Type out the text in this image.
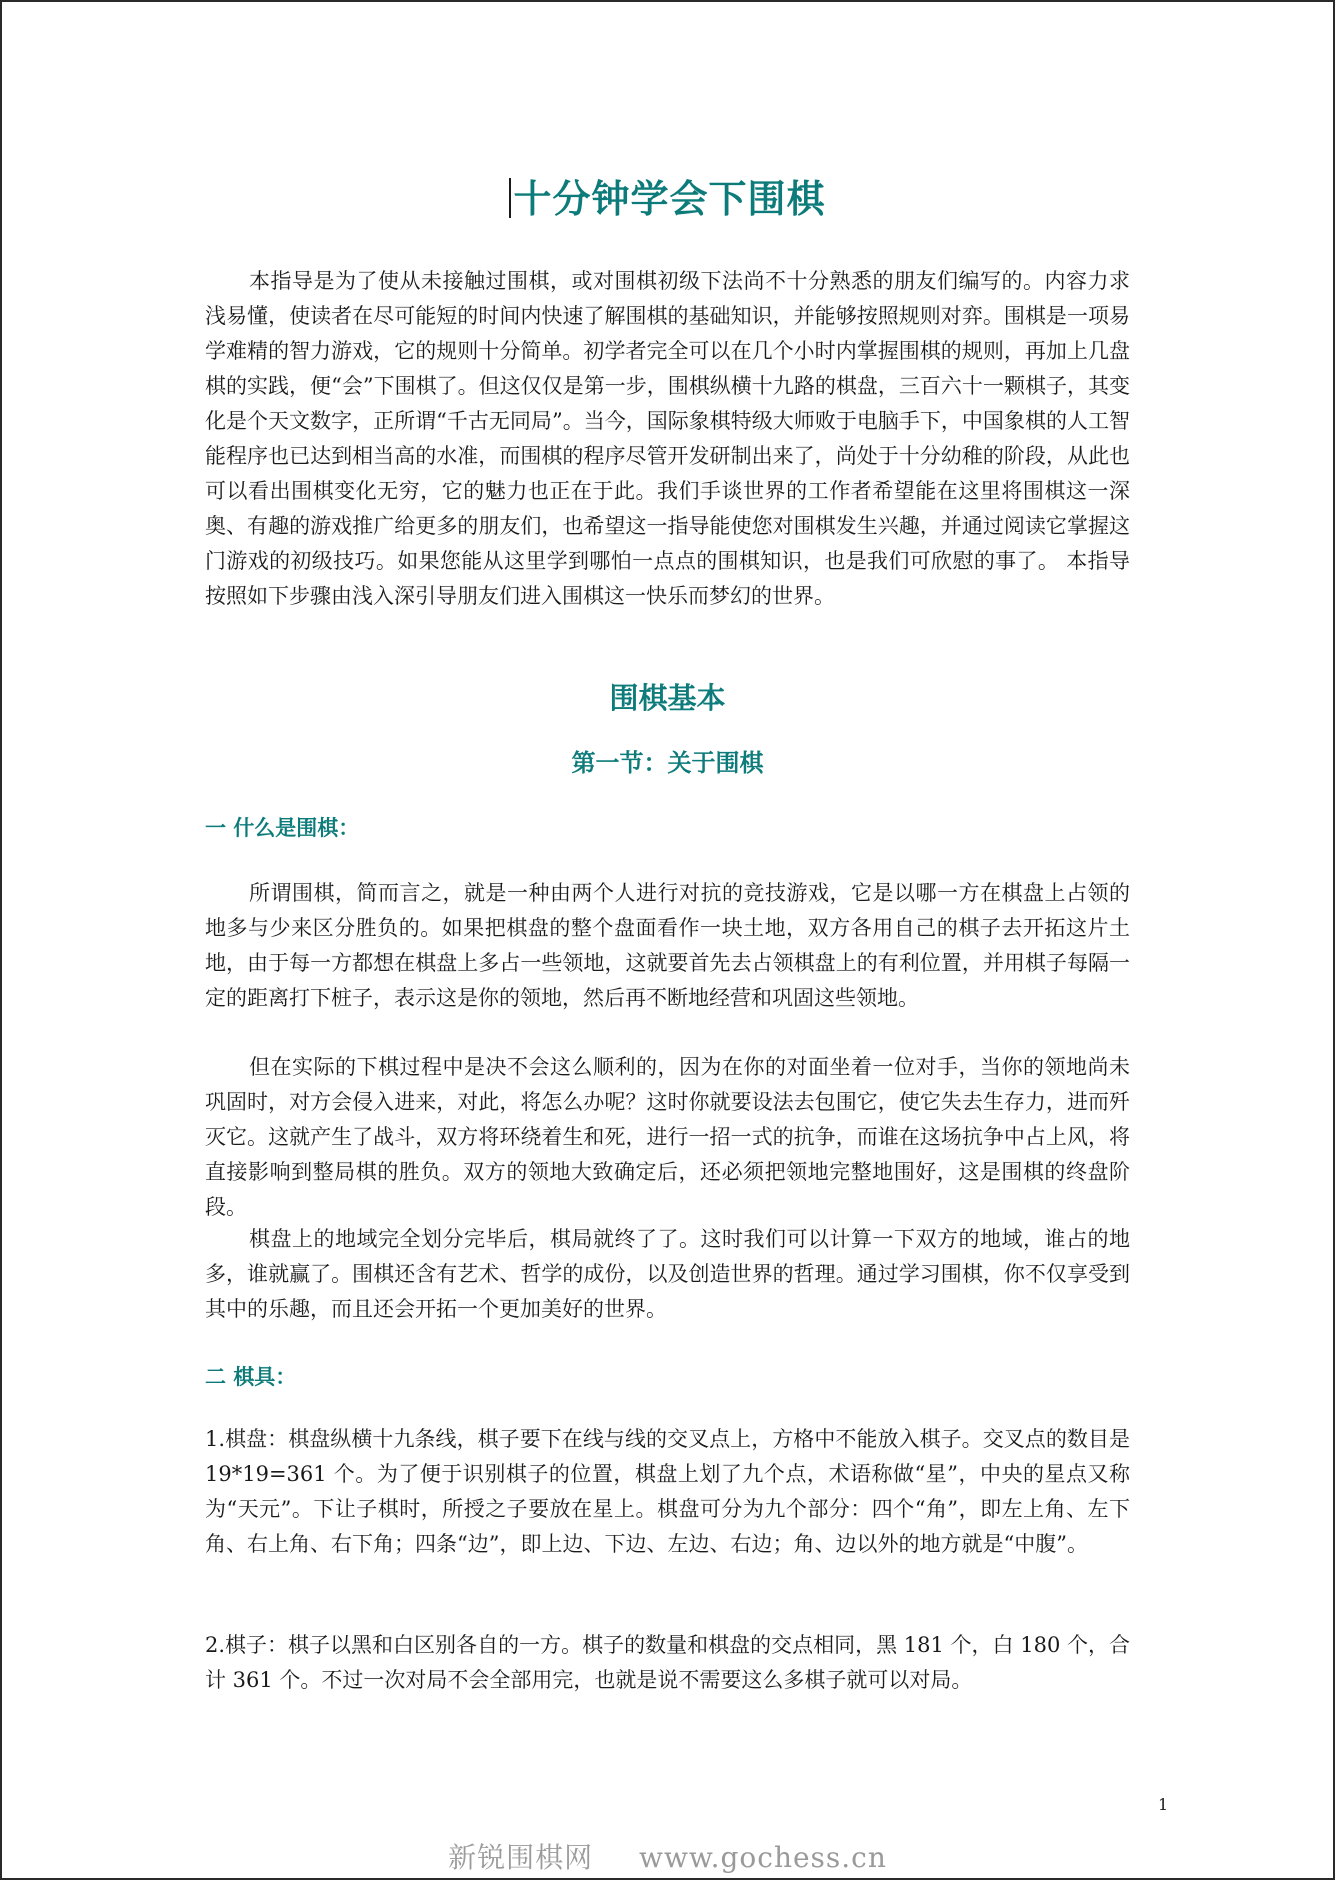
十分钟学会下围棋
本指导是为了使从未接触过围棋，或对围棋初级下法尚不十分熟悉的朋友们编写的。内容力求浅易懂，使读者在尽可能短的时间内快速了解围棋的基础知识，并能够按照规则对弈。围棋是一项易学难精的智力游戏，它的规则十分简单。初学者完全可以在几个小时内掌握围棋的规则，再加上几盘棋的实践，便“会”下围棋了。但这仅仅是第一步，围棋纵横十九路的棋盘，三百六十一颗棋子，其变化是个天文数字，正所谓“千古无同局”。当今，国际象棋特级大师败于电脑手下，中国象棋的人工智能程序也已达到相当高的水准，而围棋的程序尽管开发研制出来了，尚处于十分幼稚的阶段，从此也可以看出围棋变化无穷，它的魅力也正在于此。我们手谈世界的工作者希望能在这里将围棋这一深奥、有趣的游戏推广给更多的朋友们，也希望这一指导能使您对围棋发生兴趣，并通过阅读它掌握这门游戏的初级技巧。如果您能从这里学到哪怕一点点的围棋知识，也是我们可欣慰的事了。 本指导按照如下步骤由浅入深引导朋友们进入围棋这一快乐而梦幻的世界。
围棋基本
第一节：关于围棋
一 什么是围棋：
所谓围棋，简而言之，就是一种由两个人进行对抗的竞技游戏，它是以哪一方在棋盘上占领的地多与少来区分胜负的。如果把棋盘的整个盘面看作一块土地，双方各用自己的棋子去开拓这片土地，由于每一方都想在棋盘上多占一些领地，这就要首先去占领棋盘上的有利位置，并用棋子每隔一定的距离打下桩子，表示这是你的领地，然后再不断地经营和巩固这些领地。
但在实际的下棋过程中是决不会这么顺利的，因为在你的对面坐着一位对手，当你的领地尚未巩固时，对方会侵入进来，对此，将怎么办呢？这时你就要设法去包围它，使它失去生存力，进而歼灭它。这就产生了战斗，双方将环绕着生和死，进行一招一式的抗争，而谁在这场抗争中占上风，将直接影响到整局棋的胜负。双方的领地大致确定后，还必须把领地完整地围好，这是围棋的终盘阶段。
棋盘上的地域完全划分完毕后，棋局就终了了。这时我们可以计算一下双方的地域，谁占的地多，谁就赢了。围棋还含有艺术、哲学的成份，以及创造世界的哲理。通过学习围棋，你不仅享受到其中的乐趣，而且还会开拓一个更加美好的世界。
二 棋具：
1.棋盘：棋盘纵横十九条线，棋子要下在线与线的交叉点上，方格中不能放入棋子。交叉点的数目是 19*19=361 个。为了便于识别棋子的位置，棋盘上划了九个点，术语称做“星”，中央的星点又称为“天元”。下让子棋时，所授之子要放在星上。棋盘可分为九个部分：四个“角”，即左上角、左下角、右上角、右下角；四条“边”，即上边、下边、左边、右边；角、边以外的地方就是“中腹”。
2.棋子：棋子以黑和白区别各自的一方。棋子的数量和棋盘的交点相同，黑 181 个，白 180 个，合计 361 个。不过一次对局不会全部用完，也就是说不需要这么多棋子就可以对局。
1
新锐围棋网 www.gochess.cn
